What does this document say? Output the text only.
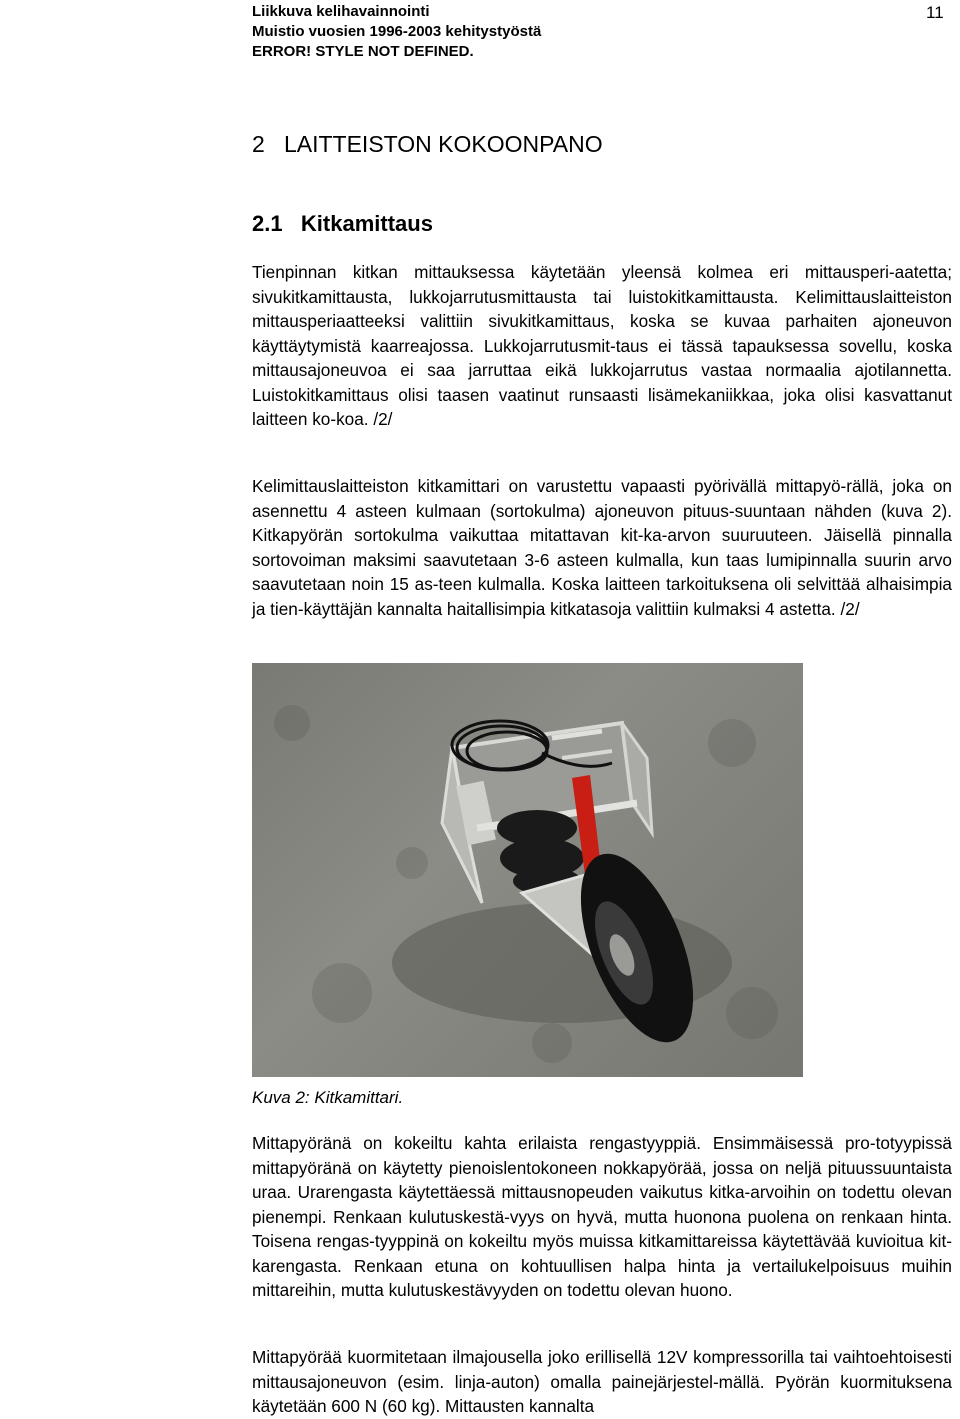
Liikkuva kelihavainnointi
Muistio vuosien 1996-2003 kehitystyöstä
ERROR! STYLE NOT DEFINED.
11
2   LAITTEISTON KOKOONPANO
2.1   Kitkamittaus

Tienpinnan kitkan mittauksessa käytetään yleensä kolmea eri mittausperi-aatetta; sivukitkamittausta, lukkojarrutusmittausta tai luistokitkamittausta. Kelimittauslaitteiston mittausperiaatteeksi valittiin sivukitkamittaus, koska se kuvaa parhaiten ajoneuvon käyttäytymistä kaarreajossa. Lukkojarrutusmit-taus ei tässä tapauksessa sovellu, koska mittausajoneuvoa ei saa jarruttaa eikä lukkojarrutus vastaa normaalia ajotilannetta. Luistokitkamittaus olisi taasen vaatinut runsaasti lisämekaniikkaa, joka olisi kasvattanut laitteen ko-koa. /2/

Kelimittauslaitteiston kitkamittari on varustettu vapaasti pyörivällä mittapyö-rällä, joka on asennettu 4 asteen kulmaan (sortokulma) ajoneuvon pituus-suuntaan nähden (kuva 2). Kitkapyörän sortokulma vaikuttaa mitattavan kit-ka-arvon suuruuteen. Jäisellä pinnalla sortovoiman maksimi saavutetaan 3-6 asteen kulmalla, kun taas lumipinnalla suurin arvo saavutetaan noin 15 as-teen kulmalla. Koska laitteen tarkoituksena oli selvittää alhaisimpia ja tien-käyttäjän kannalta haitallisimpia kitkatasoja valittiin kulmaksi 4 astetta. /2/

Kuva 2: Kitkamittari.

Mittapyöränä on kokeiltu kahta erilaista rengastyyppiä. Ensimmäisessä pro-totyypissä mittapyöränä on käytetty pienoislentokoneen nokkapyörää, jossa on neljä pituussuuntaista uraa. Urarengasta käytettäessä mittausnopeuden vaikutus kitka-arvoihin on todettu olevan pienempi. Renkaan kulutuskestä-vyys on hyvä, mutta huonona puolena on renkaan hinta. Toisena rengas-tyyppinä on kokeiltu myös muissa kitkamittareissa käytettävää kuvioitua kit-karengasta. Renkaan etuna on kohtuullisen halpa hinta ja vertailukelpoisuus muihin mittareihin, mutta kulutuskestävyyden on todettu olevan huono.

Mittapyörää kuormitetaan ilmajousella joko erillisellä 12V kompressorilla tai vaihtoehtoisesti mittausajoneuvon (esim. linja-auton) omalla painejärjestel-mällä. Pyörän kuormituksena käytetään 600 N (60 kg). Mittausten kannalta
